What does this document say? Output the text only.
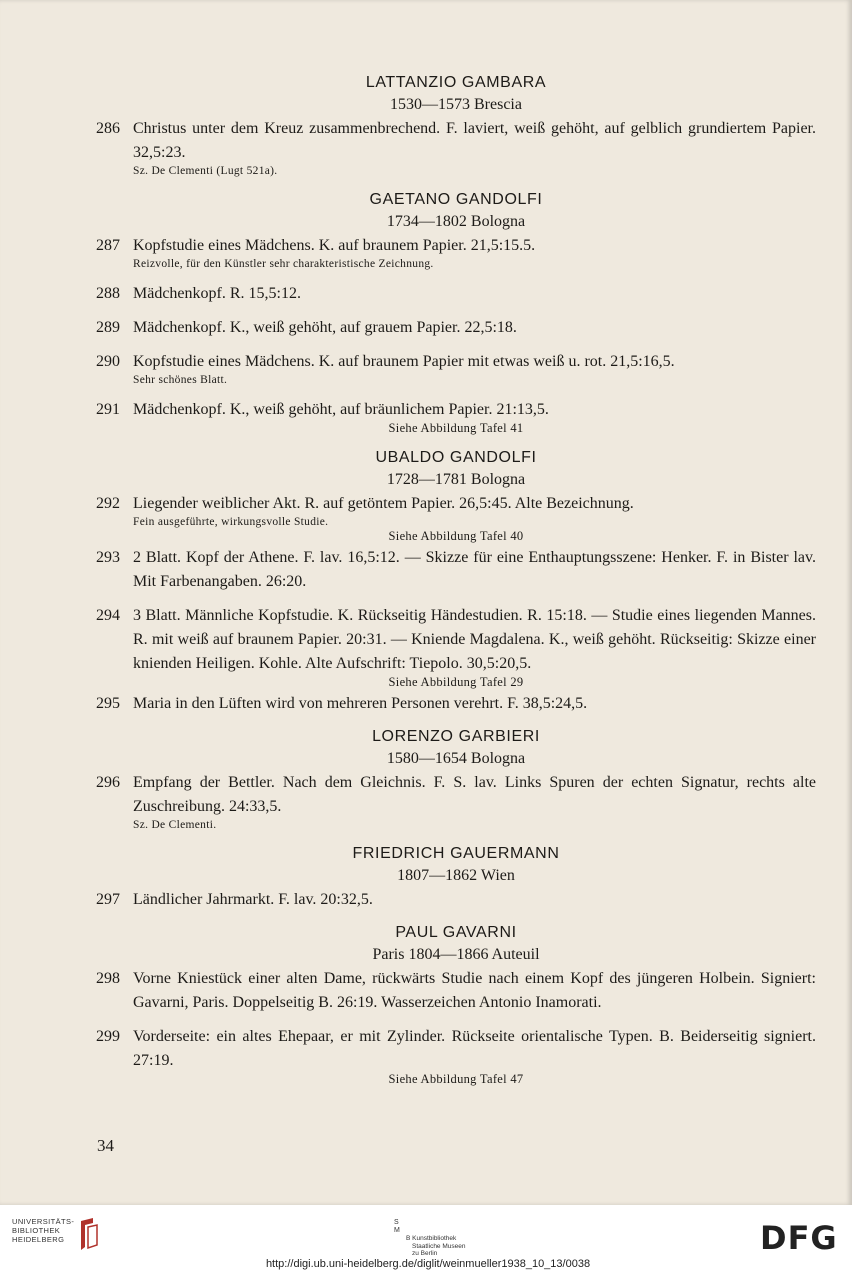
LATTANZIO GAMBARA
1530—1573 Brescia
286 Christus unter dem Kreuz zusammenbrechend. F. laviert, weiß gehöht, auf gelblich grundiertem Papier. 32,5:23.
Sz. De Clementi (Lugt 521a).
GAETANO GANDOLFI
1734—1802 Bologna
287 Kopfstudie eines Mädchens. K. auf braunem Papier. 21,5:15.5.
Reizvolle, für den Künstler sehr charakteristische Zeichnung.
288 Mädchenkopf. R. 15,5:12.
289 Mädchenkopf. K., weiß gehöht, auf grauem Papier. 22,5:18.
290 Kopfstudie eines Mädchens. K. auf braunem Papier mit etwas weiß u. rot. 21,5:16,5.
Sehr schönes Blatt.
291 Mädchenkopf. K., weiß gehöht, auf bräunlichem Papier. 21:13,5.
Siehe Abbildung Tafel 41
UBALDO GANDOLFI
1728—1781 Bologna
292 Liegender weiblicher Akt. R. auf getöntem Papier. 26,5:45. Alte Bezeichnung.
Fein ausgeführte, wirkungsvolle Studie.
Siehe Abbildung Tafel 40
293 2 Blatt. Kopf der Athene. F. lav. 16,5:12. — Skizze für eine Enthauptungsszene: Henker. F. in Bister lav. Mit Farbenangaben. 26:20.
294 3 Blatt. Männliche Kopfstudie. K. Rückseitig Händestudien. R. 15:18. — Studie eines liegenden Mannes. R. mit weiß auf braunem Papier. 20:31. — Kniende Magdalena. K., weiß gehöht. Rückseitig: Skizze einer knienden Heiligen. Kohle. Alte Aufschrift: Tiepolo. 30,5:20,5.
Siehe Abbildung Tafel 29
295 Maria in den Lüften wird von mehreren Personen verehrt. F. 38,5:24,5.
LORENZO GARBIERI
1580—1654 Bologna
296 Empfang der Bettler. Nach dem Gleichnis. F. S. lav. Links Spuren der echten Signatur, rechts alte Zuschreibung. 24:33,5.
Sz. De Clementi.
FRIEDRICH GAUERMANN
1807—1862 Wien
297 Ländlicher Jahrmarkt. F. lav. 20:32,5.
PAUL GAVARNI
Paris 1804—1866 Auteuil
298 Vorne Kniestück einer alten Dame, rückwärts Studie nach einem Kopf des jüngeren Holbein. Signiert: Gavarni, Paris. Doppelseitig B. 26:19. Wasserzeichen Antonio Inamorati.
299 Vorderseite: ein altes Ehepaar, er mit Zylinder. Rückseite orientalische Typen. B. Beiderseitig signiert. 27:19.
Siehe Abbildung Tafel 47
34
UNIVERSITÄTS-
BIBLIOTHEK
HEIDELBERG
S
M
B Kunstbibliothek
Staatliche Museen
zu Berlin	DFG
http://digi.ub.uni-heidelberg.de/diglit/weinmueller1938_10_13/0038
